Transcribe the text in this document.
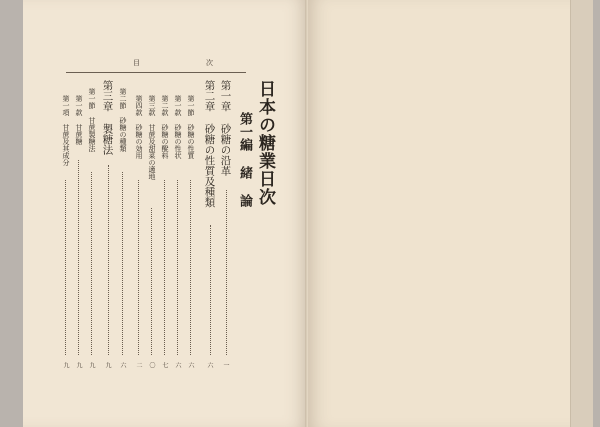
目	次
日本の糖業日次
第一編 緒 論
第一章 砂糖の沿革
一
第二章 砂糖の性質及種類
六
第一節 砂糖の性質
六
第一款 砂糖の性状
六
第二款 砂糖の醗料
七
第三款 甘蔗及甜菜の適地
〇
第四款 砂糖の効用
二
第二節 砂糖の種類
六
第三章 製糖法
九
第一節 甘蔗製糖法
九
第一款 甘蔗糖
九
第一項 甘蔗及其成分
九
